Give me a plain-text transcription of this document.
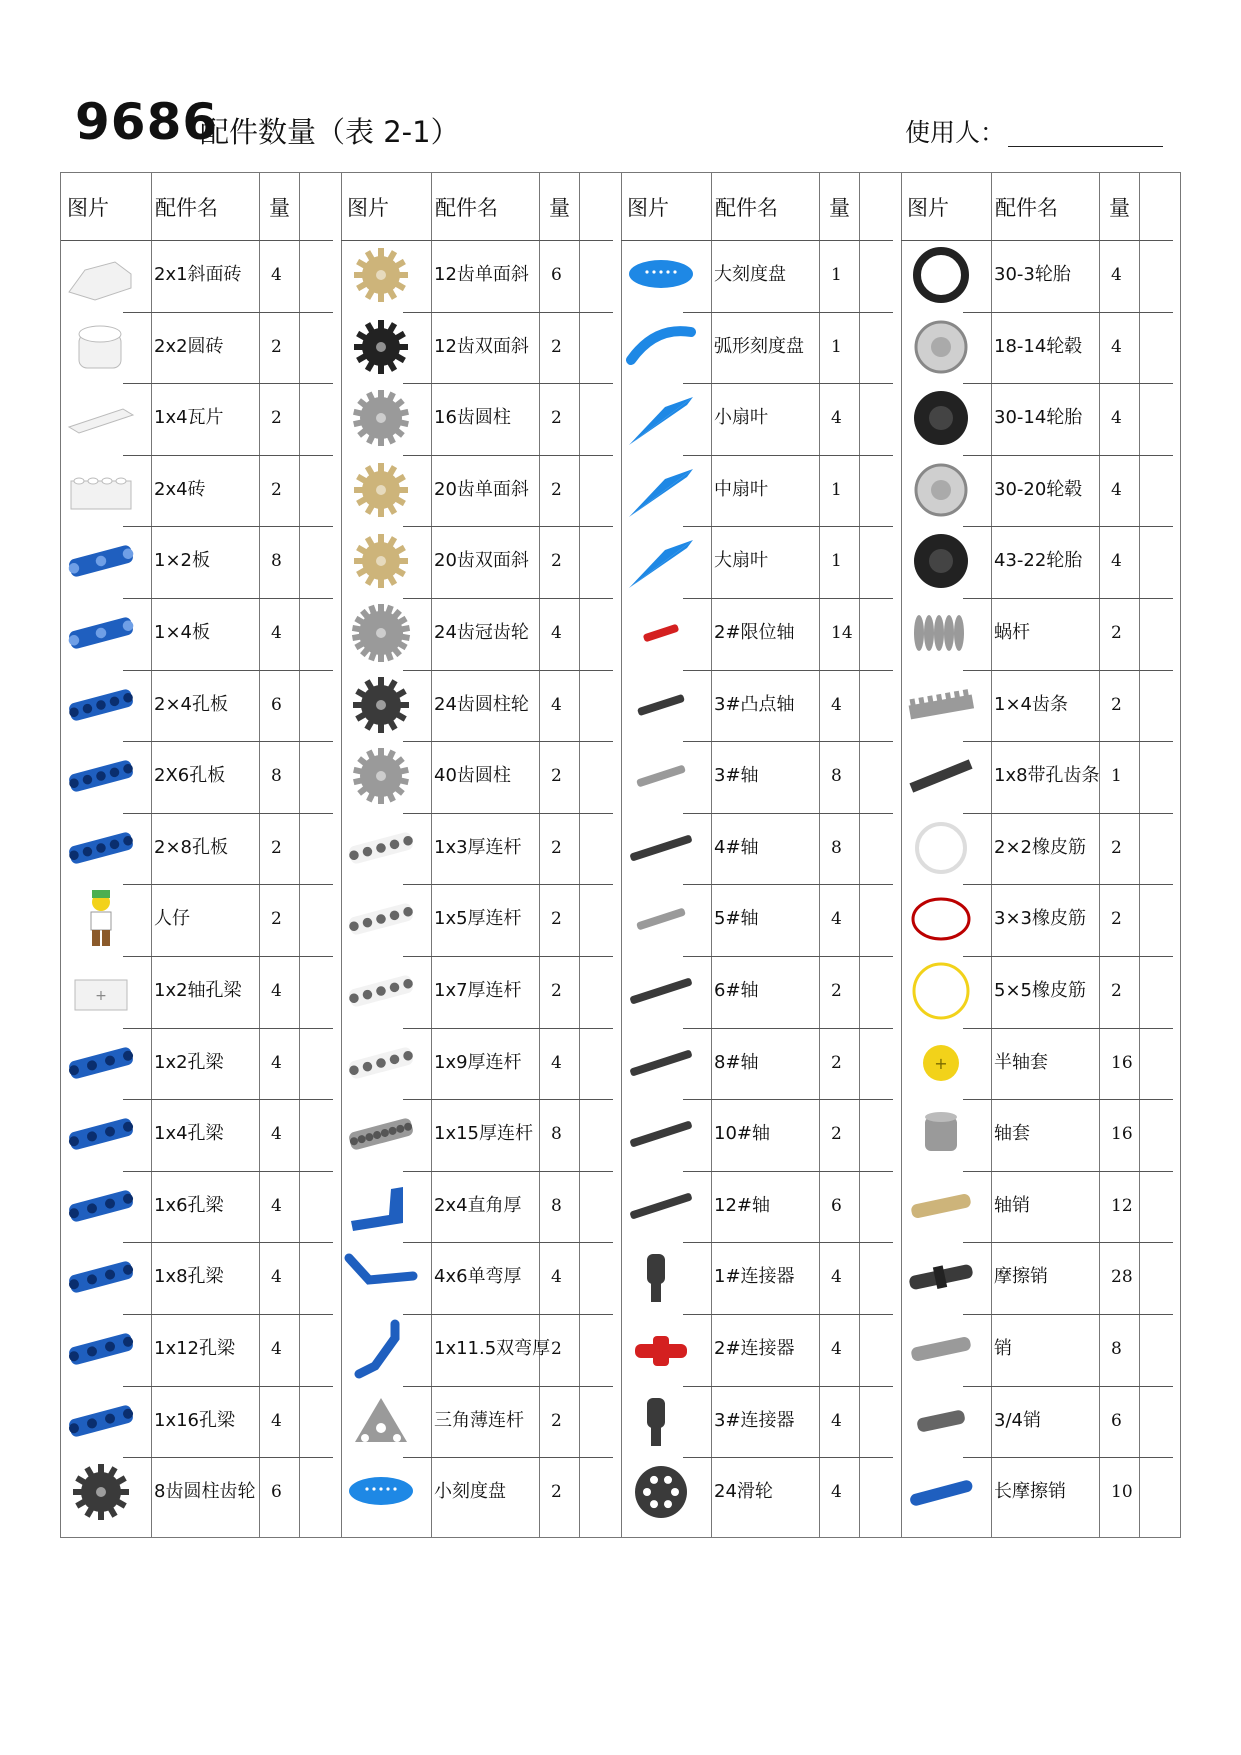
9686
配件数量（表 2-1）	使用人：
图片 配件名 量
2x1斜面砖	4
2x2圆砖	2
1x4瓦片	2
2x4砖	2
1×2板	8
1×4板	4
2×4孔板	6
2X6孔板	8
2×8孔板	2
人仔	2
+	1x2轴孔梁	4
1x2孔梁	4
1x4孔梁	4
1x6孔梁	4
1x8孔梁	4
1x12孔梁	4
1x16孔梁	4
8齿圆柱齿轮 6
图片 配件名 量
12齿单面斜	6
12齿双面斜	2
16齿圆柱	2
20齿单面斜	2
20齿双面斜	2
24齿冠齿轮	4
24齿圆柱轮	4
40齿圆柱	2
1x3厚连杆	2
1x5厚连杆	2
1x7厚连杆	2
1x9厚连杆	4
1x15厚连杆 8
2x4直角厚	8
4x6单弯厚	4
1x11.5双弯厚 2
三角薄连杆	2
小刻度盘	2
图片 配件名 量
大刻度盘	1
弧形刻度盘	1
小扇叶	4
中扇叶	1
大扇叶	1
2#限位轴	14
3#凸点轴	4
3#轴	8
4#轴	8
5#轴	4
6#轴	2
8#轴	2
10#轴	2
12#轴	6
1#连接器	4
2#连接器	4
3#连接器	4
24滑轮	4
图片 配件名 量
30-3轮胎	4
18-14轮毂	4
30-14轮胎	4
30-20轮毂	4
43-22轮胎	4
蜗杆	2
1×4齿条	2
1x8带孔齿条 1
2×2橡皮筋	2
3×3橡皮筋	2
5×5橡皮筋	2
+	半轴套	16
轴套	16
轴销	12
摩擦销	28
销	8
3/4销	6
长摩擦销	10
